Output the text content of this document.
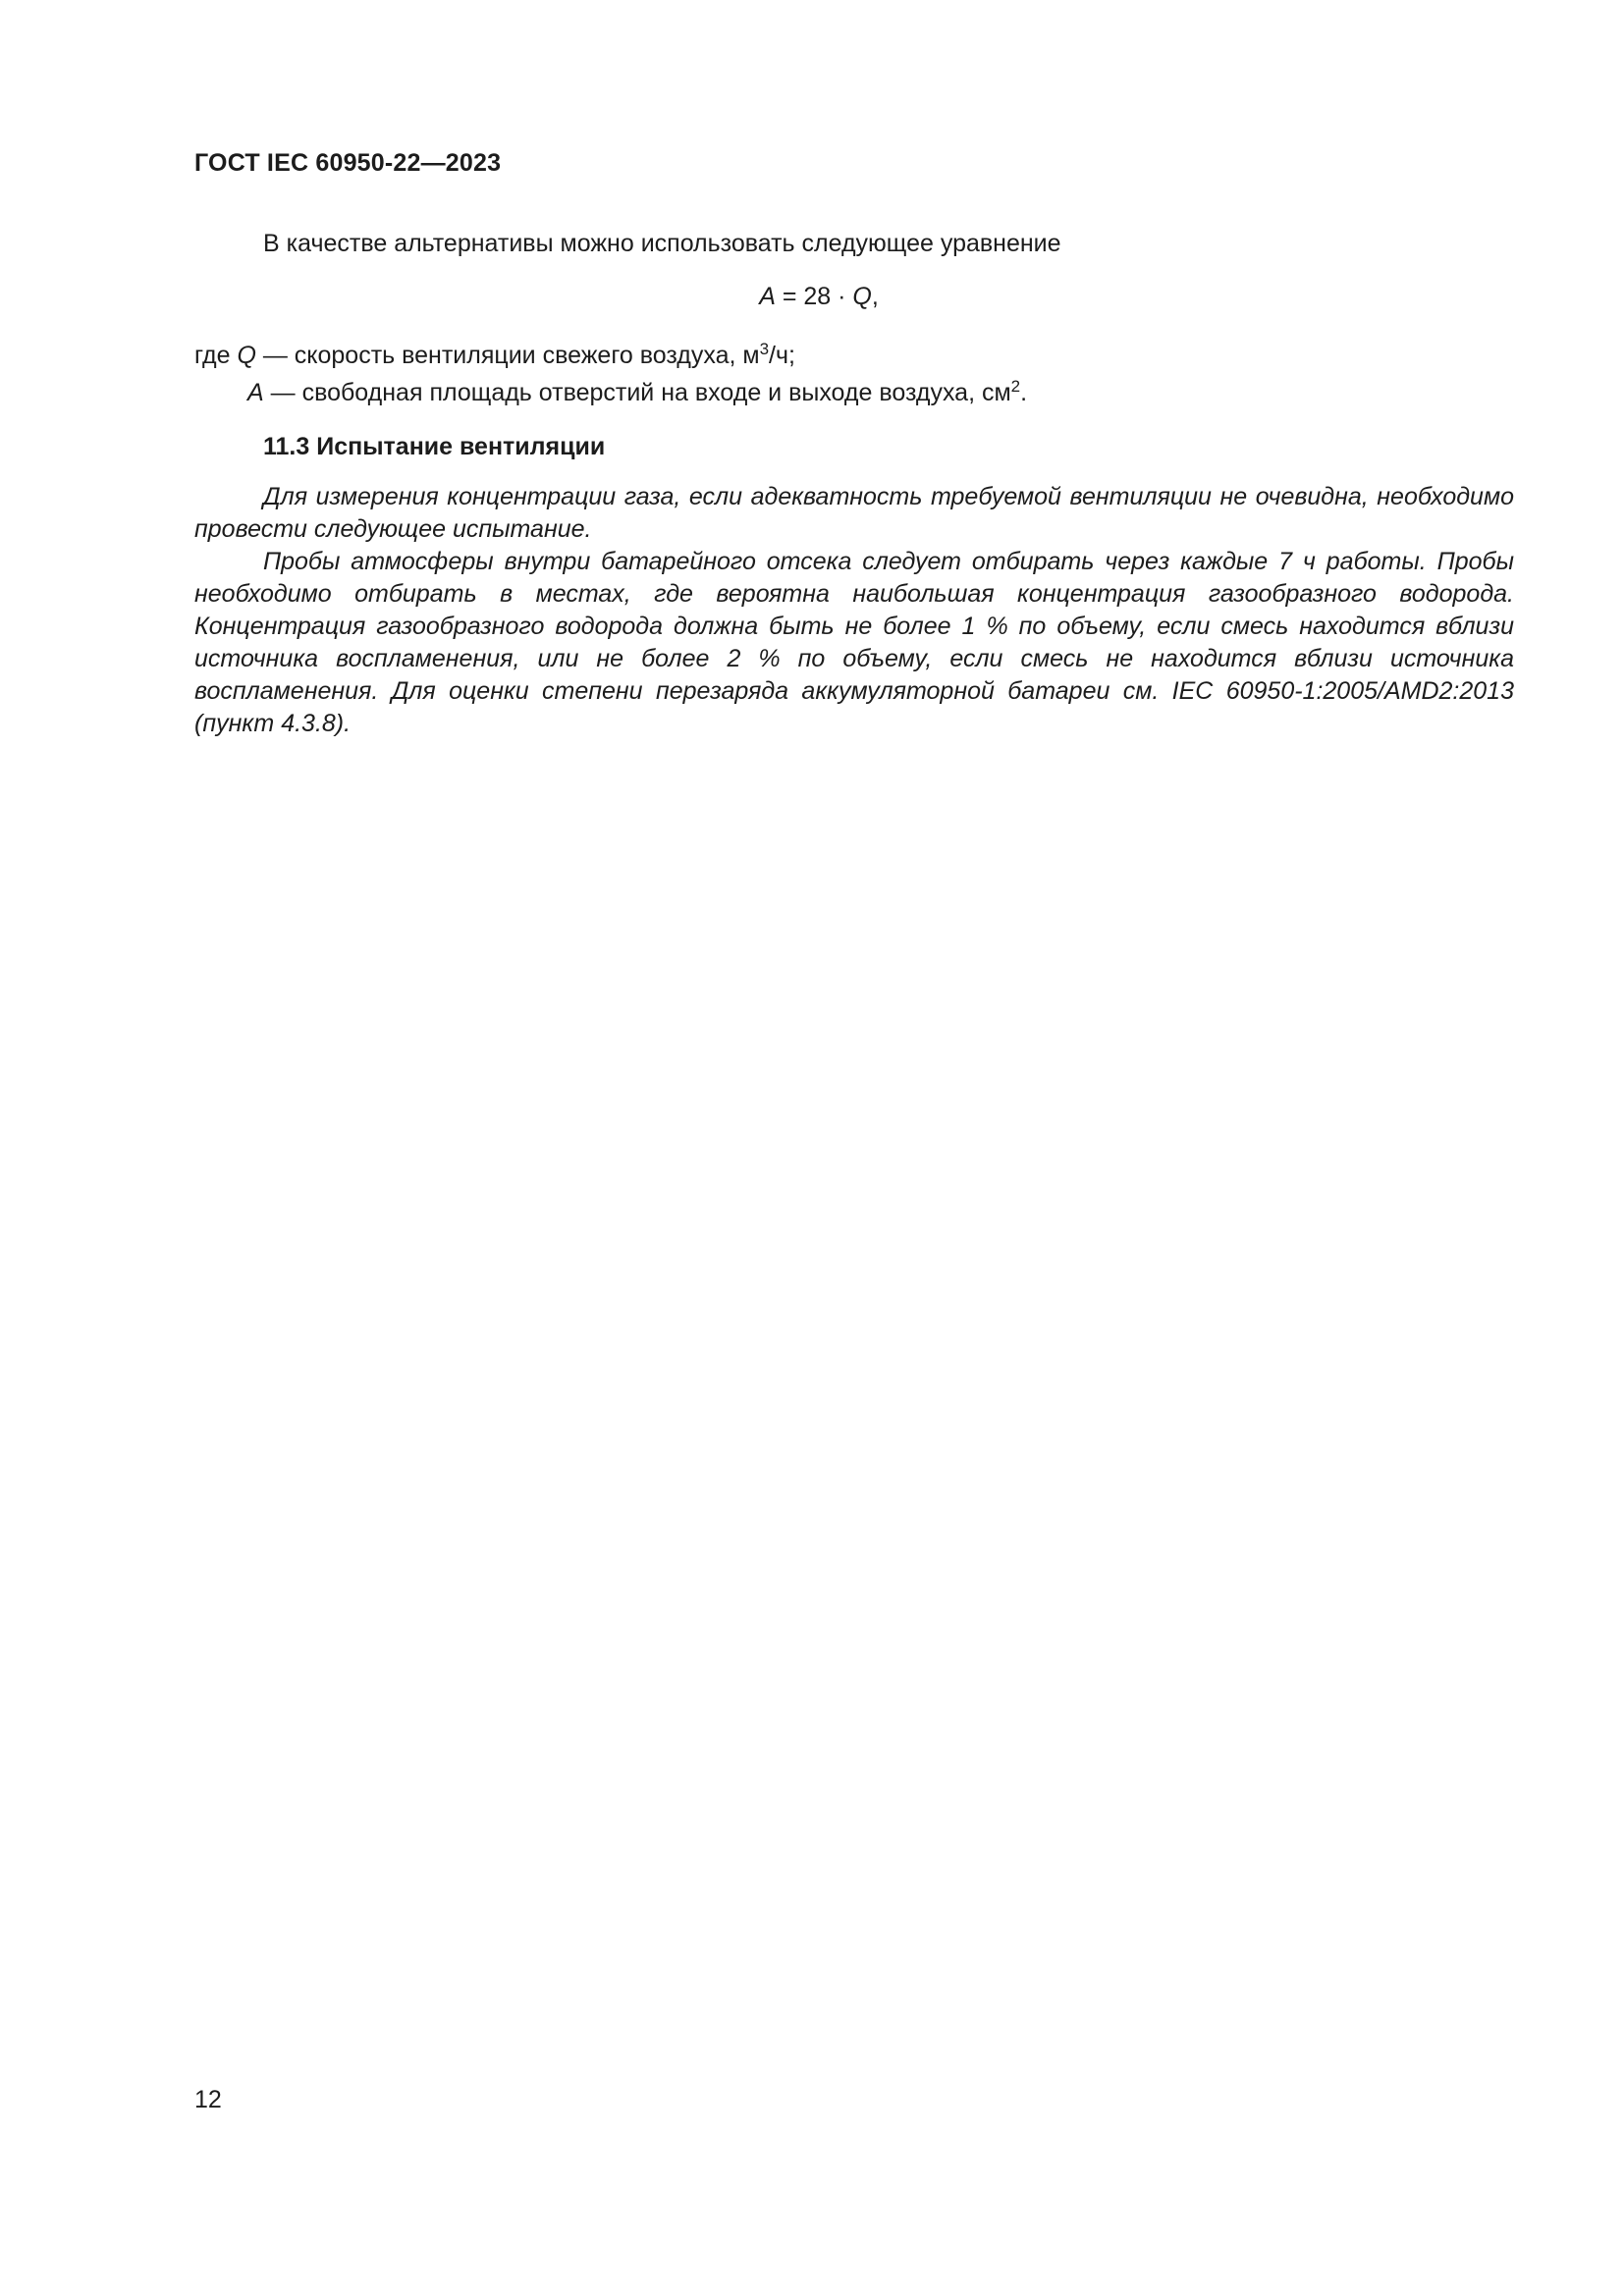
ГОСТ IEC 60950-22—2023
В качестве альтернативы можно использовать следующее уравнение
A = 28 · Q,
где Q — скорость вентиляции свежего воздуха, $м^3/ч$;
A — свободная площадь отверстий на входе и выходе воздуха, $см^2$.
11.3 Испытание вентиляции

Для измерения концентрации газа, если адекватность требуемой вентиляции не очевидна, необходимо провести следующее испытание.

Пробы атмосферы внутри батарейного отсека следует отбирать через каждые 7 ч работы. Пробы необходимо отбирать в местах, где вероятна наибольшая концентрация газообразного водорода. Концентрация газообразного водорода должна быть не более 1 % по объему, если смесь находится вблизи источника воспламенения, или не более 2 % по объему, если смесь не находится вблизи источника воспламенения. Для оценки степени перезаряда аккумуляторной батареи см. IEC 60950-1:2005/AMD2:2013 (пункт 4.3.8).

12
